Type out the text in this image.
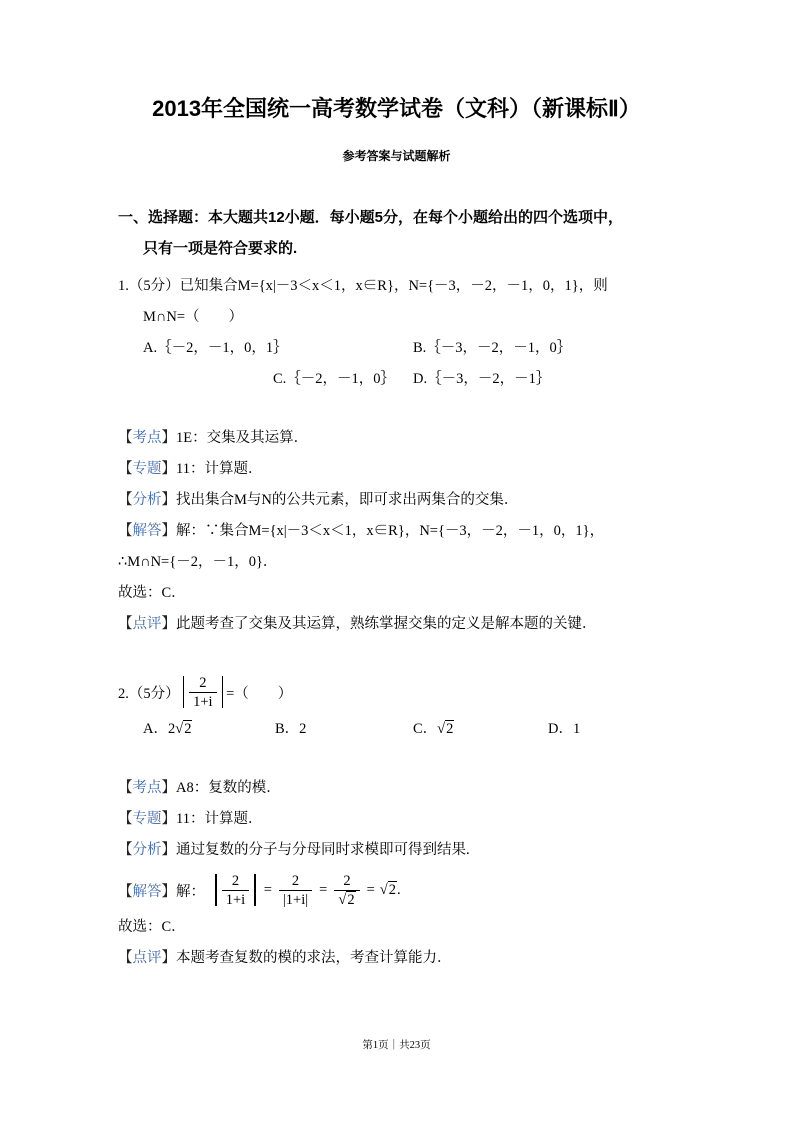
2013年全国统一高考数学试卷（文科）（新课标Ⅱ）
参考答案与试题解析
一、选择题：本大题共12小题．每小题5分，在每个小题给出的四个选项中，
只有一项是符合要求的.
1.（5分）已知集合M={x|－3＜x＜1，x∈R}，N={－3，－2，－1，0，1}，则
M∩N=（　　）
A.｛－2，－1，0，1｝	B.｛－3，－2，－1，0｝
C.｛－2，－1，0｝ D.｛－3，－2，－1｝
【考点】1E：交集及其运算．
【专题】11：计算题．
【分析】找出集合M与N的公共元素，即可求出两集合的交集．
【解答】解：∵集合M={x|－3＜x＜1，x∈R}，N={－3，－2，－1，0，1}，
∴M∩N={－2，－1，0}．
故选：C．
【点评】此题考查了交集及其运算，熟练掌握交集的定义是解本题的关键．
2.（5分） $\frac{2}{1+i}$ =（　　）
A．2√2	B．2	C．√2	D．1
【考点】A8：复数的模．
【专题】11：计算题．
【分析】通过复数的分子与分母同时求模即可得到结果.
【解答】 解：　 $\frac{2}{1+i} = \frac{2}{|1+i|} = \frac{2}{√2} = √2$ .
故选：C．
【点评】本题考查复数的模的求法，考查计算能力．
第1页｜共23页
